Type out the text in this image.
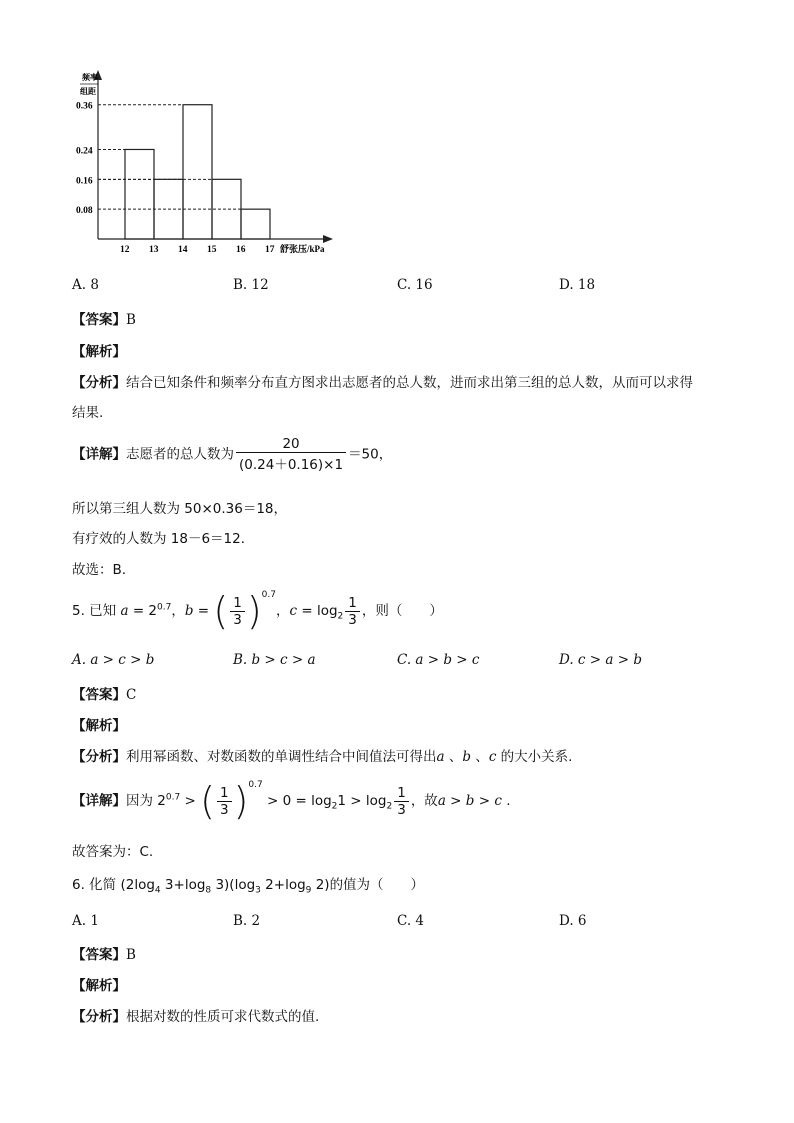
频率
组距
0.36
0.24
0.16
0.08
12 13 14 15 16 17 舒张压/kPa
A. 8	B. 12	C. 16	D. 18
【答案】B
【解析】
【分析】结合已知条件和频率分布直方图求出志愿者的总人数，进而求出第三组的总人数，从而可以求得
结果.
【详解】志愿者的总人数为 $\frac{20}{(0.24+0.16)\times 1} =50$，
所以第三组人数为 50×0.36＝18，
有疗效的人数为 18－6＝12．
故选：B.
5. 已知 $a = 2^{0.7}$，b = ( $\frac{1}{3} )^{0.7}$，$c = \log_2 \frac{1}{3}$ ，则（　　）
A. a > c > b	B. b > c > a	C. a > b > c	D. c > a > b
【答案】C
【解析】
【分析】利用幂函数、对数函数的单调性结合中间值法可得出a 、b 、c 的大小关系.
【详解】因为 $2^{0.7}$ > ( $\frac{1}{3} )^{0.7} > 0 = \log_21 > \log_2 \frac{1}{3}$ ，故a > b > c .
故答案为：C.
6. 化简 ($2\log_4$ $3+\log_8$ $3)(\log_3$ $2+\log_9$ 2)的值为（　　）
A. 1	B. 2	C. 4	D. 6
【答案】B
【解析】
【分析】根据对数的性质可求代数式的值.
